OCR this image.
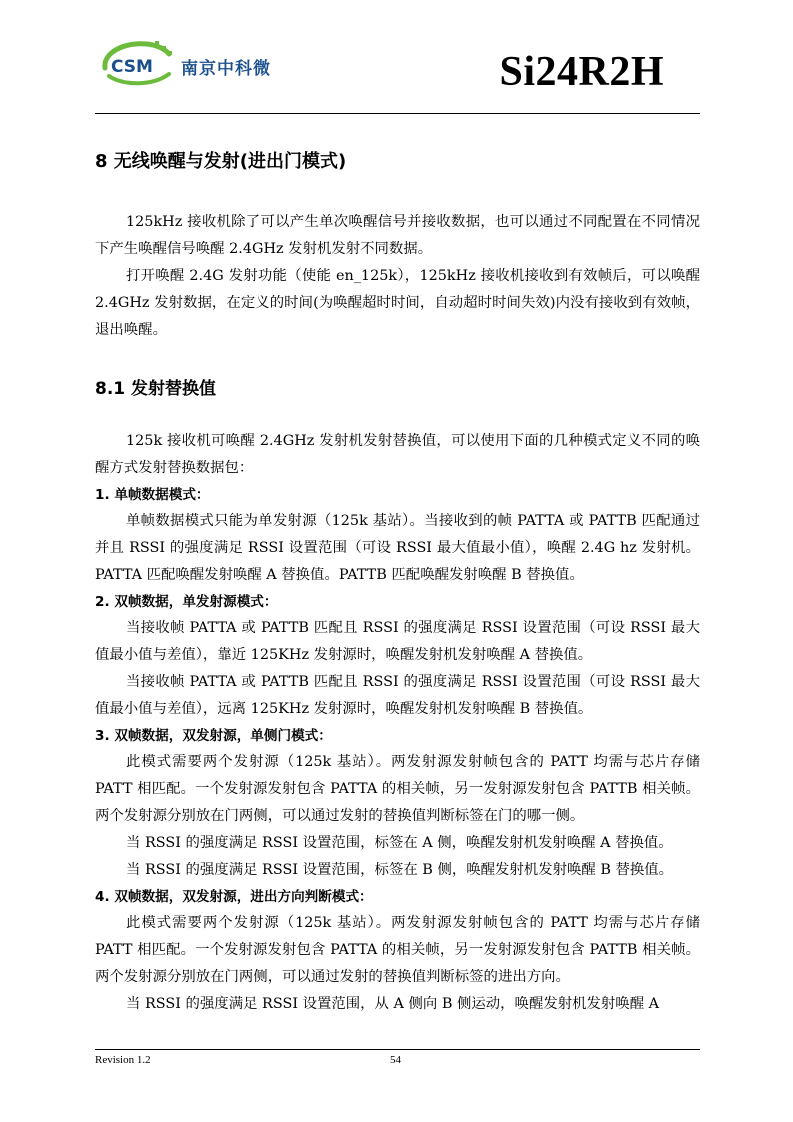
CSM 南京中科微	Si24R2H
8 无线唤醒与发射(进出门模式)

125kHz 接收机除了可以产生单次唤醒信号并接收数据，也可以通过不同配置在不同情况下产生唤醒信号唤醒 2.4GHz 发射机发射不同数据。

打开唤醒 2.4G 发射功能（使能 en_125k），125kHz 接收机接收到有效帧后，可以唤醒 2.4GHz 发射数据，在定义的时间(为唤醒超时时间，自动超时时间失效)内没有接收到有效帧，退出唤醒。

8.1 发射替换值

125k 接收机可唤醒 2.4GHz 发射机发射替换值，可以使用下面的几种模式定义不同的唤醒方式发射替换数据包：

1. 单帧数据模式：

单帧数据模式只能为单发射源（125k 基站）。当接收到的帧 PATTA 或 PATTB 匹配通过并且 RSSI 的强度满足 RSSI 设置范围（可设 RSSI 最大值最小值），唤醒 2.4G hz 发射机。PATTA 匹配唤醒发射唤醒 A 替换值。PATTB 匹配唤醒发射唤醒 B 替换值。

2. 双帧数据，单发射源模式：

当接收帧 PATTA 或 PATTB 匹配且 RSSI 的强度满足 RSSI 设置范围（可设 RSSI 最大值最小值与差值），靠近 125KHz 发射源时，唤醒发射机发射唤醒 A 替换值。

当接收帧 PATTA 或 PATTB 匹配且 RSSI 的强度满足 RSSI 设置范围（可设 RSSI 最大值最小值与差值），远离 125KHz 发射源时，唤醒发射机发射唤醒 B 替换值。

3. 双帧数据，双发射源，单侧门模式：

此模式需要两个发射源（125k 基站）。两发射源发射帧包含的 PATT 均需与芯片存储 PATT 相匹配。一个发射源发射包含 PATTA 的相关帧，另一发射源发射包含 PATTB 相关帧。两个发射源分别放在门两侧，可以通过发射的替换值判断标签在门的哪一侧。

当 RSSI 的强度满足 RSSI 设置范围，标签在 A 侧，唤醒发射机发射唤醒 A 替换值。

当 RSSI 的强度满足 RSSI 设置范围，标签在 B 侧，唤醒发射机发射唤醒 B 替换值。

4. 双帧数据，双发射源，进出方向判断模式：

此模式需要两个发射源（125k 基站）。两发射源发射帧包含的 PATT 均需与芯片存储 PATT 相匹配。一个发射源发射包含 PATTA 的相关帧，另一发射源发射包含 PATTB 相关帧。两个发射源分别放在门两侧，可以通过发射的替换值判断标签的进出方向。

当 RSSI 的强度满足 RSSI 设置范围，从 A 侧向 B 侧运动，唤醒发射机发射唤醒 A

Revision 1.2	54
